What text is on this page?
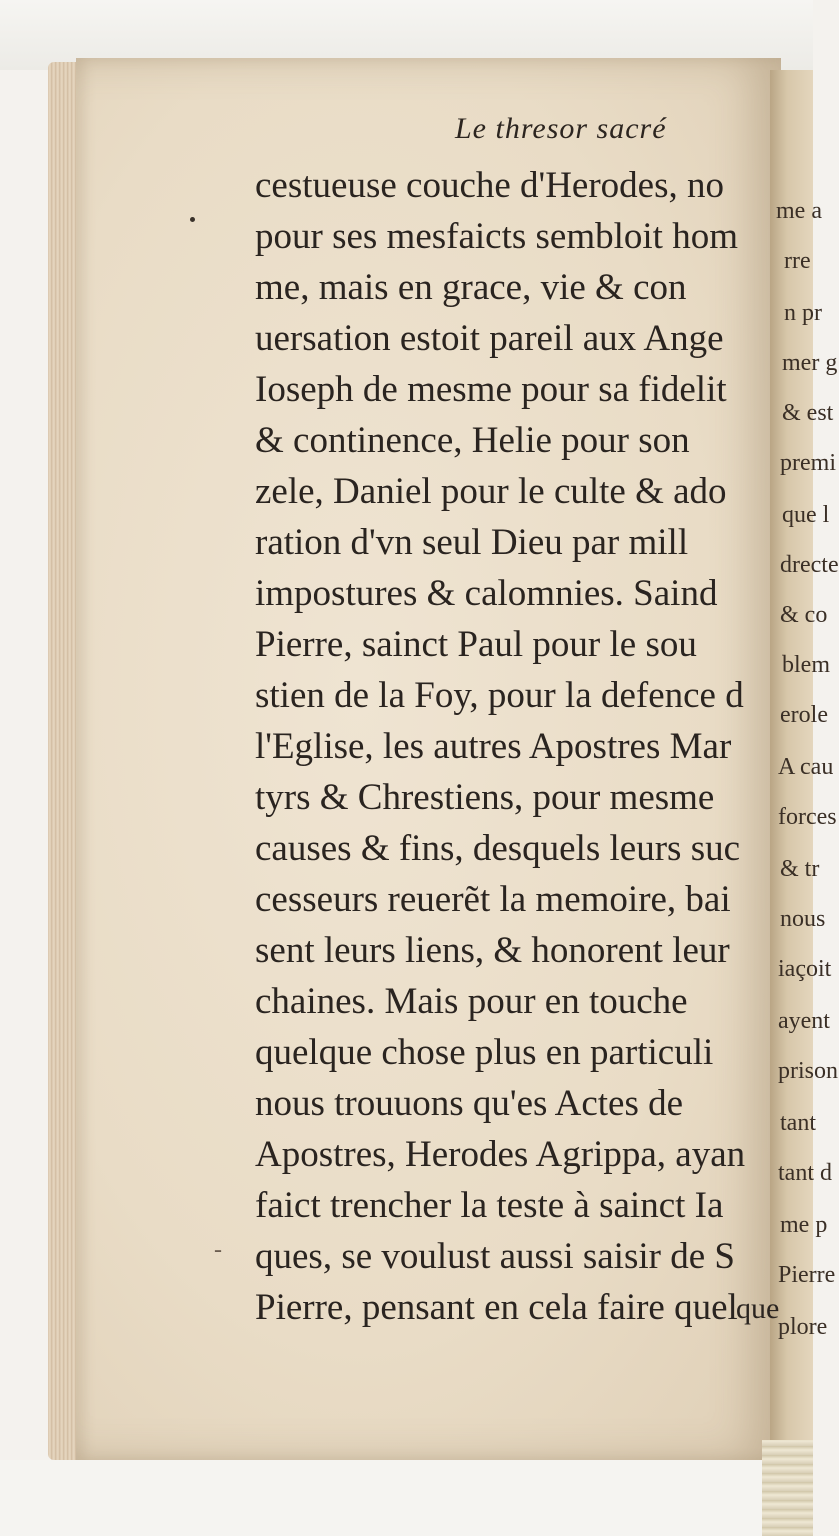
me a
rre
n pr
mer g
& est
premi
que l
drecte
& co
blem
erole
A cau
forces
& tr
nous
iaçoit
ayent
prison
tant
tant d
me p
Pierre
plore
Le thresor sacré
-
cestueuse couche d'Herodes, no
pour ses mesfaicts sembloit hom
me, mais en grace, vie & con
uersation estoit pareil aux Ange
Ioseph de mesme pour sa fidelit
& continence, Helie pour son
zele, Daniel pour le culte & ado
ration d'vn seul Dieu par mill
impostures & calomnies. Saind
Pierre, sainct Paul pour le sou
stien de la Foy, pour la defence d
l'Eglise, les autres Apostres Mar
tyrs & Chrestiens, pour mesme
causes & fins, desquels leurs suc
cesseurs reuerẽt la memoire, bai
sent leurs liens, & honorent leur
chaines. Mais pour en touche
quelque chose plus en particuli
nous trouuons qu'es Actes de
Apostres, Herodes Agrippa, ayan
faict trencher la teste à sainct Ia
ques, se voulust aussi saisir de S
Pierre, pensant en cela faire quel
que
